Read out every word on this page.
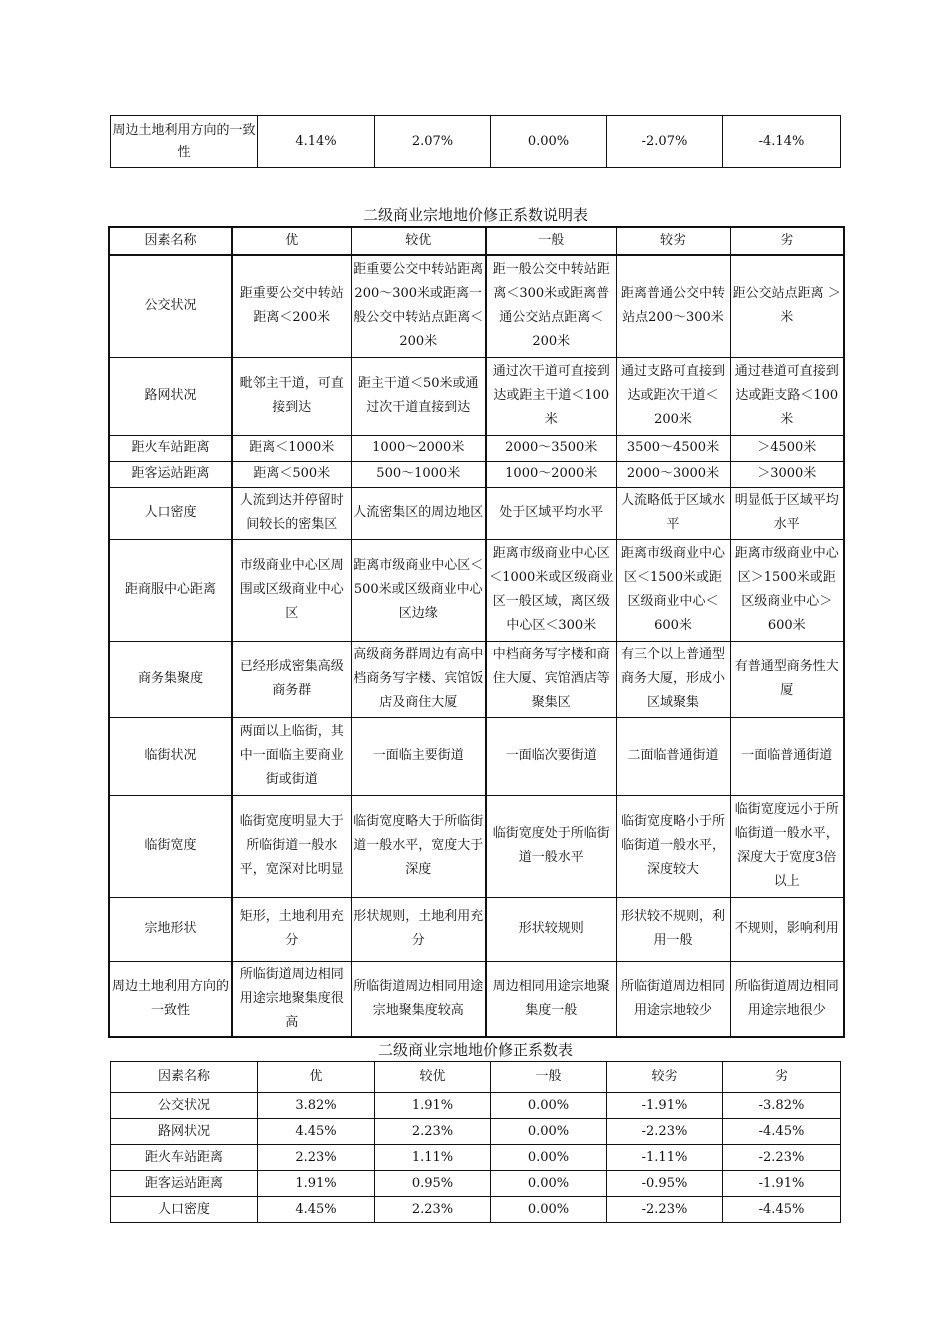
周边土地利用方向的一致性	4.14%	2.07%	0.00%	-2.07%	-4.14%
二级商业宗地地价修正系数说明表
因素名称	优	较优	一般	较劣	劣
公交状况	距重要公交中转站距离＜200米	距重要公交中转站距离200～300米或距离一般公交中转站点距离＜200米	距一般公交中转站距离＜300米或距离普通公交站点距离＜200米	距离普通公交中转站点200～300米	距公交站点距离 ＞ 米
路网状况	毗邻主干道，可直接到达	距主干道＜50米或通过次干道直接到达	通过次干道可直接到达或距主干道＜100米	通过支路可直接到达或距次干道＜200米	通过巷道可直接到达或距支路＜100米
距火车站距离	距离＜1000米	1000～2000米	2000～3500米	3500～4500米	＞4500米
距客运站距离	距离＜500米	500～1000米	1000～2000米	2000～3000米	＞3000米
人口密度	人流到达并停留时间较长的密集区	人流密集区的周边地区	处于区域平均水平	人流略低于区域水平	明显低于区域平均水平
距商服中心距离	市级商业中心区周围或区级商业中心区	距离市级商业中心区＜500米或区级商业中心区边缘	距离市级商业中心区＜1000米或区级商业区一般区域，离区级中心区＜300米	距离市级商业中心区＜1500米或距区级商业中心＜600米	距离市级商业中心区＞1500米或距区级商业中心＞600米
商务集聚度	已经形成密集高级商务群	高级商务群周边有高中档商务写字楼、宾馆饭店及商住大厦	中档商务写字楼和商住大厦、宾馆酒店等聚集区	有三个以上普通型商务大厦，形成小区域聚集	有普通型商务性大厦
临街状况	两面以上临街，其中一面临主要商业街或街道	一面临主要街道	一面临次要街道	二面临普通街道	一面临普通街道
临街宽度	临街宽度明显大于所临街道一般水平，宽深对比明显	临街宽度略大于所临街道一般水平，宽度大于深度	临街宽度处于所临街道一般水平	临街宽度略小于所临街道一般水平，深度较大	临街宽度远小于所临街道一般水平，深度大于宽度3倍以上
宗地形状	矩形，土地利用充分	形状规则，土地利用充分	形状较规则	形状较不规则，利用一般	不规则，影响利用
周边土地利用方向的一致性	所临街道周边相同用途宗地聚集度很高	所临街道周边相同用途宗地聚集度较高	周边相同用途宗地聚集度一般	所临街道周边相同用途宗地较少	所临街道周边相同用途宗地很少
二级商业宗地地价修正系数表
因素名称	优	较优	一般	较劣	劣
公交状况	3.82%	1.91%	0.00%	-1.91%	-3.82%
路网状况	4.45%	2.23%	0.00%	-2.23%	-4.45%
距火车站距离	2.23%	1.11%	0.00%	-1.11%	-2.23%
距客运站距离	1.91%	0.95%	0.00%	-0.95%	-1.91%
人口密度	4.45%	2.23%	0.00%	-2.23%	-4.45%
